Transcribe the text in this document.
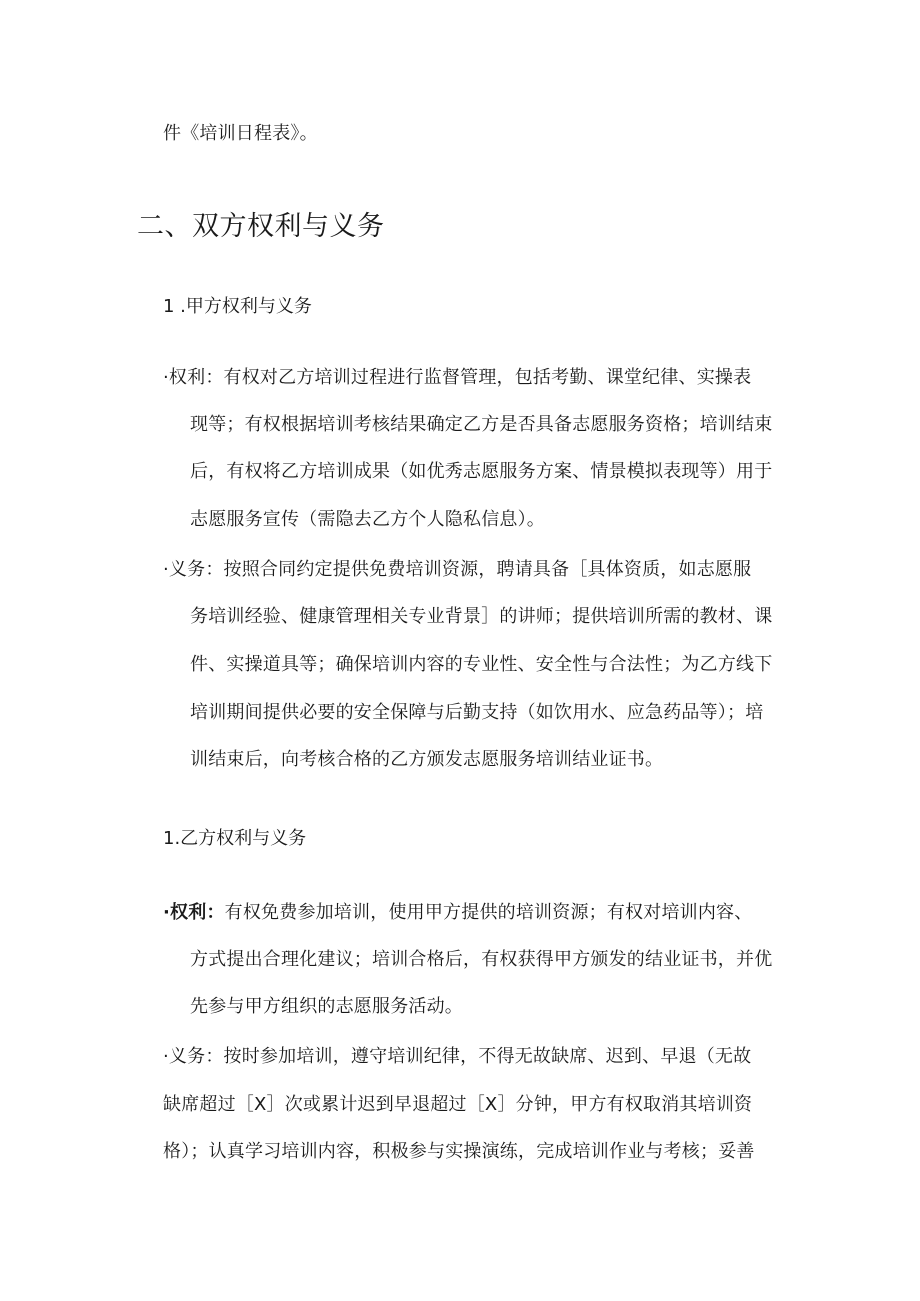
件《培训日程表》。
二、双方权利与义务
1 .甲方权利与义务
·权利：有权对乙方培训过程进行监督管理，包括考勤、课堂纪律、实操表
现等；有权根据培训考核结果确定乙方是否具备志愿服务资格；培训结束
后，有权将乙方培训成果（如优秀志愿服务方案、情景模拟表现等）用于
志愿服务宣传（需隐去乙方个人隐私信息）。
·义务：按照合同约定提供免费培训资源，聘请具备［具体资质，如志愿服
务培训经验、健康管理相关专业背景］的讲师；提供培训所需的教材、课
件、实操道具等；确保培训内容的专业性、安全性与合法性；为乙方线下
培训期间提供必要的安全保障与后勤支持（如饮用水、应急药品等）；培
训结束后，向考核合格的乙方颁发志愿服务培训结业证书。
1.乙方权利与义务
·权利：有权免费参加培训，使用甲方提供的培训资源；有权对培训内容、
方式提出合理化建议；培训合格后，有权获得甲方颁发的结业证书，并优
先参与甲方组织的志愿服务活动。
·义务：按时参加培训，遵守培训纪律，不得无故缺席、迟到、早退（无故
缺席超过［X］次或累计迟到早退超过［X］分钟，甲方有权取消其培训资
格）；认真学习培训内容，积极参与实操演练，完成培训作业与考核；妥善
